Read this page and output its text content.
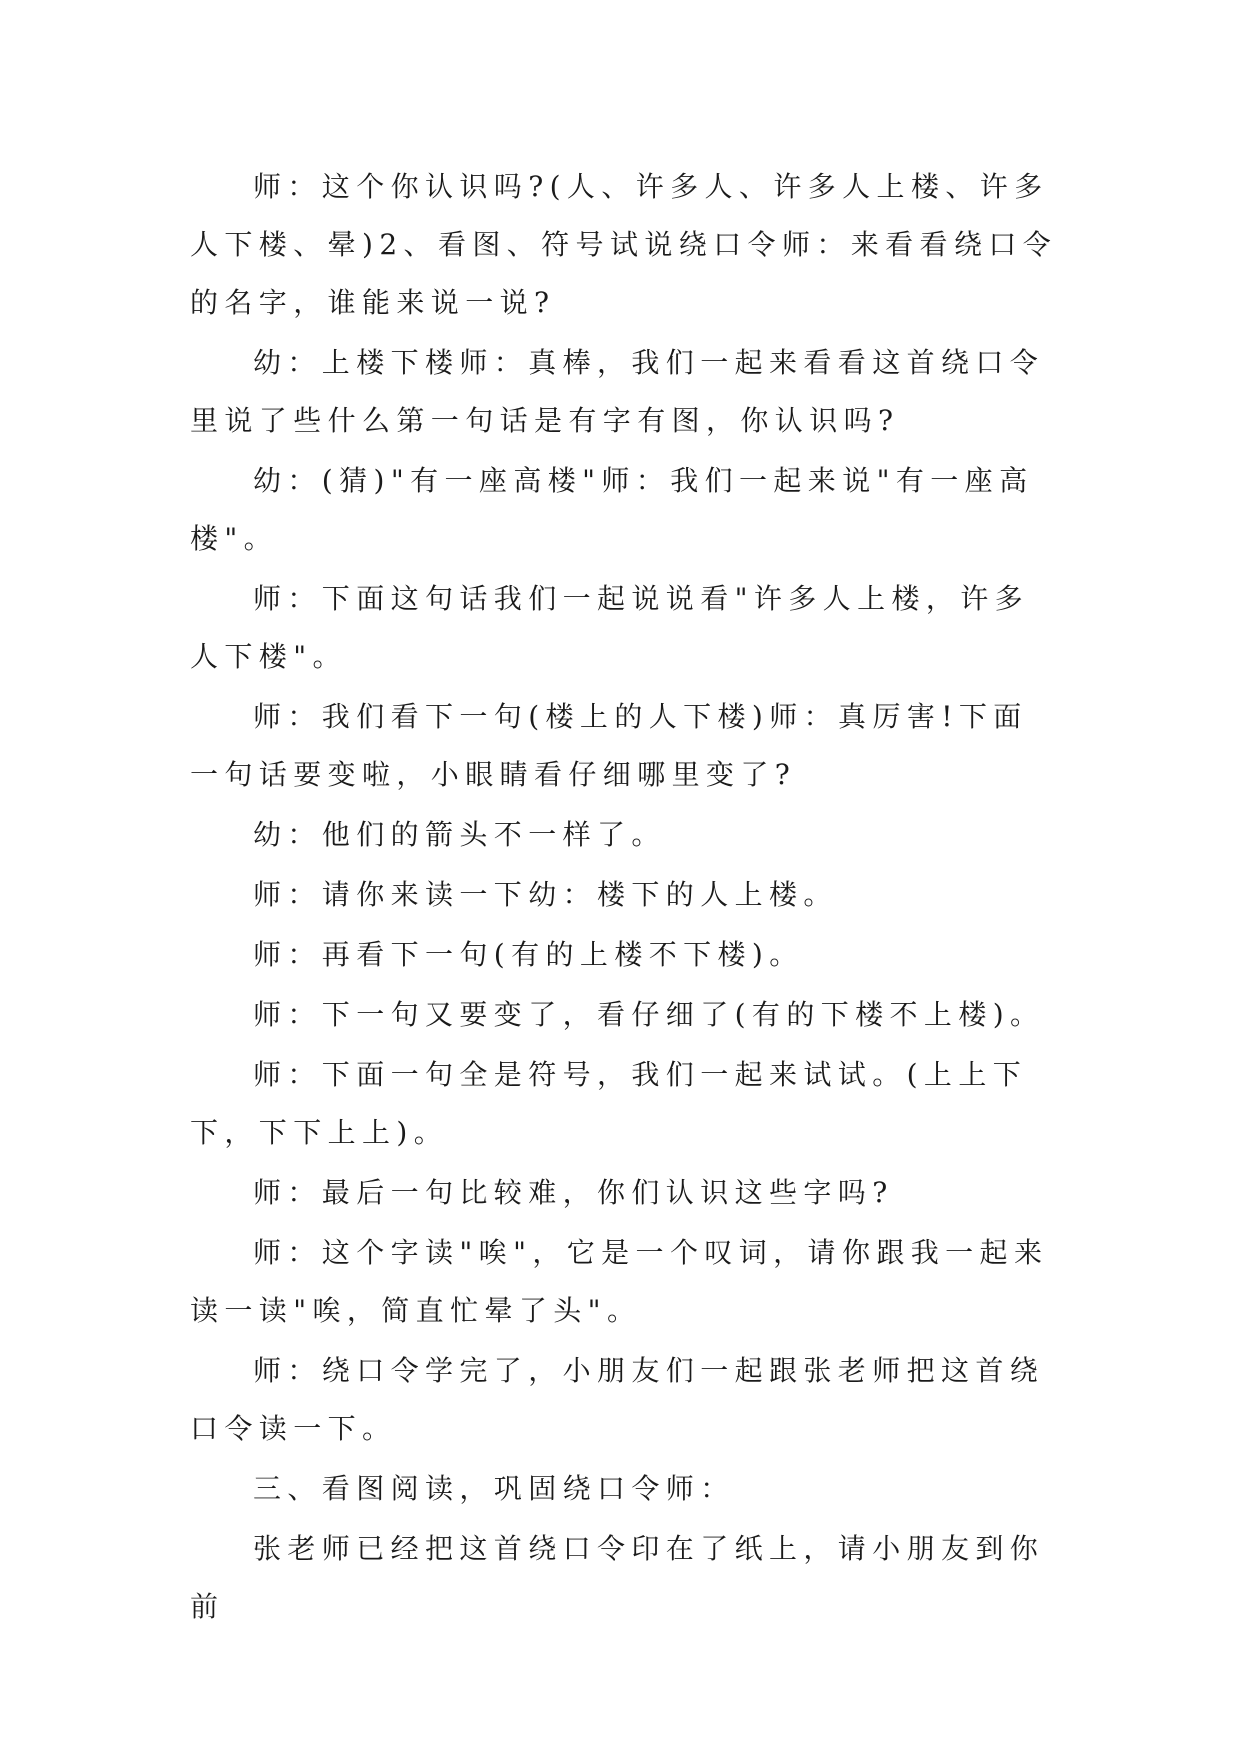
师：这个你认识吗?(人、许多人、许多人上楼、许多人下楼、晕)2、看图、符号试说绕口令师：来看看绕口令的名字，谁能来说一说?

幼：上楼下楼师：真棒，我们一起来看看这首绕口令里说了些什么第一句话是有字有图，你认识吗?

幼：(猜)"有一座高楼"师：我们一起来说"有一座高楼"。

师：下面这句话我们一起说说看"许多人上楼，许多人下楼"。

师：我们看下一句(楼上的人下楼)师：真厉害!下面一句话要变啦，小眼睛看仔细哪里变了?

幼：他们的箭头不一样了。

师：请你来读一下幼：楼下的人上楼。

师：再看下一句(有的上楼不下楼)。

师：下一句又要变了，看仔细了(有的下楼不上楼)。

师：下面一句全是符号，我们一起来试试。(上上下下，下下上上)。

师：最后一句比较难，你们认识这些字吗?

师：这个字读"唉"，它是一个叹词，请你跟我一起来读一读"唉，简直忙晕了头"。

师：绕口令学完了，小朋友们一起跟张老师把这首绕口令读一下。

三、看图阅读，巩固绕口令师：

张老师已经把这首绕口令印在了纸上，请小朋友到你前
